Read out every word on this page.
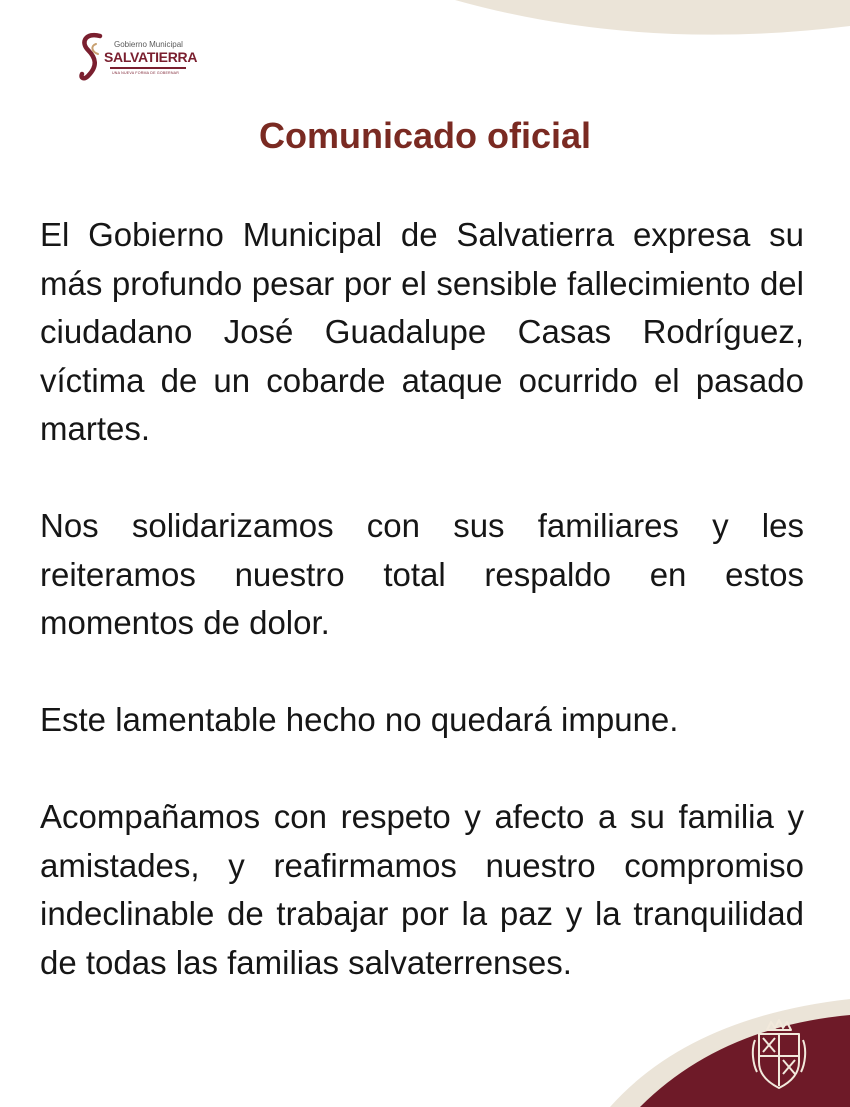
Gobierno Municipal
SALVATIERRA
UNA NUEVA FORMA DE GOBERNAR
Comunicado oficial

El Gobierno Municipal de Salvatierra expresa su más profundo pesar por el sensible fallecimiento del ciudadano José Guadalupe Casas Rodríguez, víctima de un cobarde ataque ocurrido el pasado martes.

Nos solidarizamos con sus familiares y les reiteramos nuestro total respaldo en estos momentos de dolor.

Este lamentable hecho no quedará impune.

Acompañamos con respeto y afecto a su familia y amistades, y reafirmamos nuestro compromiso indeclinable de trabajar por la paz y la tranquilidad de todas las familias salvaterrenses.
